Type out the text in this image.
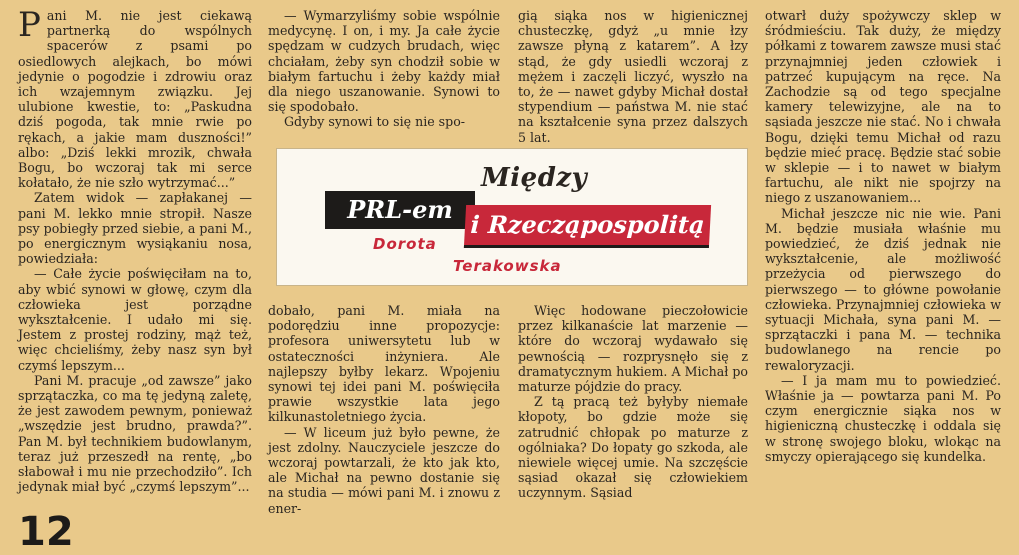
Pani M. nie jest ciekawą partnerką do wspólnych spacerów z psami po osiedlowych alejkach, bo mówi jedynie o pogodzie i zdrowiu oraz ich wzajemnym związku. Jej ulubione kwestie, to: „Paskudna dziś pogoda, tak mnie rwie po rękach, a jakie mam duszności!” albo: „Dziś lekki mrozik, chwała Bogu, bo wczoraj tak mi serce kołatało, że nie szło wytrzymać...”

Zatem widok — zapłakanej — pani M. lekko mnie stropił. Nasze psy pobiegły przed siebie, a pani M., po energicznym wysiąkaniu nosa, powiedziała:

— Całe życie poświęciłam na to, aby wbić synowi w głowę, czym dla człowieka jest porządne wykształcenie. I udało mi się. Jestem z prostej rodziny, mąż też, więc chcieliśmy, żeby nasz syn był czymś lepszym...

Pani M. pracuje „od zawsze” jako sprzątaczka, co ma tę jedyną zaletę, że jest zawodem pewnym, ponieważ „wszędzie jest brudno, prawda?”. Pan M. był technikiem budowlanym, teraz już przeszedł na rentę, „bo słabował i mu nie przechodziło”. Ich jedynak miał być „czymś lepszym”...

— Wymarzyliśmy sobie wspólnie medycynę. I on, i my. Ja całe życie spędzam w cudzych brudach, więc chciałam, żeby syn chodził sobie w białym fartuchu i żeby każdy miał dla niego uszanowanie. Synowi to się spodobało.

Gdyby synowi to się nie spo-

gią siąka nos w higienicznej chusteczkę, gdyż „u mnie łzy zawsze płyną z katarem”. A łzy stąd, że gdy usiedli wczoraj z mężem i zaczęli liczyć, wyszło na to, że — nawet gdyby Michał dostał stypendium — państwa M. nie stać na kształcenie syna przez dalszych 5 lat.

Między
PRL-em
i Rzecząpospolitą
Dorota
Terakowska

dobało, pani M. miała na podorędziu inne propozycje: profesora uniwersytetu lub w ostateczności inżyniera. Ale najlepszy byłby lekarz. Wpojeniu synowi tej idei pani M. poświęciła prawie wszystkie lata jego kilkunastoletniego życia.

— W liceum już było pewne, że jest zdolny. Nauczyciele jeszcze do wczoraj powtarzali, że kto jak kto, ale Michał na pewno dostanie się na studia — mówi pani M. i znowu z ener-

Więc hodowane pieczołowicie przez kilkanaście lat marzenie — które do wczoraj wydawało się pewnością — rozprysnęło się z dramatycznym hukiem. A Michał po maturze pójdzie do pracy.

Z tą pracą też byłyby niemałe kłopoty, bo gdzie może się zatrudnić chłopak po maturze z ogólniaka? Do łopaty go szkoda, ale niewiele więcej umie. Na szczęście sąsiad okazał się człowiekiem uczynnym. Sąsiad

otwarł duży spożywczy sklep w śródmieściu. Tak duży, że między półkami z towarem zawsze musi stać przynajmniej jeden człowiek i patrzeć kupującym na ręce. Na Zachodzie są od tego specjalne kamery telewizyjne, ale na to sąsiada jeszcze nie stać. No i chwała Bogu, dzięki temu Michał od razu będzie mieć pracę. Będzie stać sobie w sklepie — i to nawet w białym fartuchu, ale nikt nie spojrzy na niego z uszanowaniem...

Michał jeszcze nic nie wie. Pani M. będzie musiała właśnie mu powiedzieć, że dziś jednak nie wykształcenie, ale możliwość przeżycia od pierwszego do pierwszego — to główne powołanie człowieka. Przynajmniej człowieka w sytuacji Michała, syna pani M. — sprzątaczki i pana M. — technika budowlanego na rencie po rewaloryzacji.

— I ja mam mu to powiedzieć. Właśnie ja — powtarza pani M. Po czym energicznie siąka nos w higieniczną chusteczkę i oddala się w stronę swojego bloku, wlokąc na smyczy opierającego się kundelka.

12
